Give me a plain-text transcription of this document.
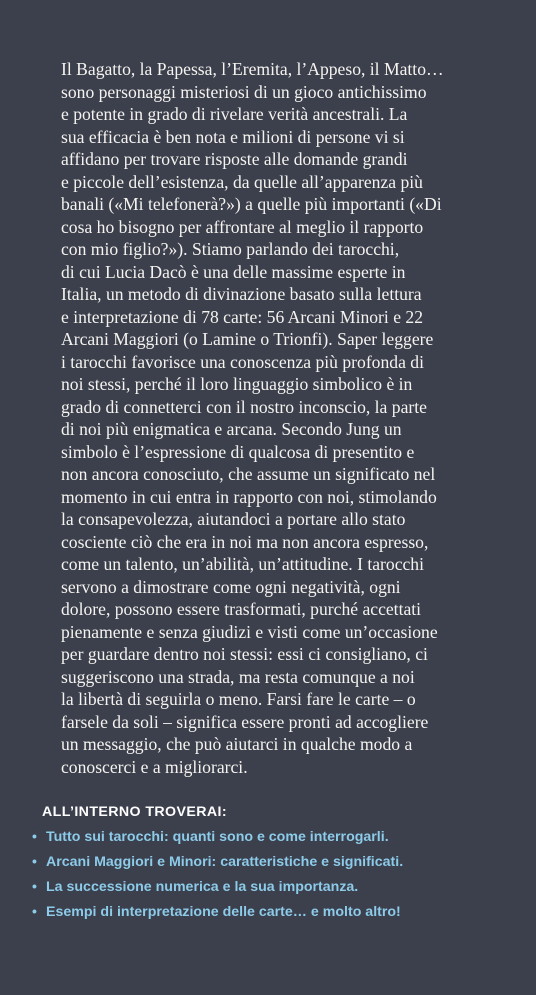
Il Bagatto, la Papessa, l’Eremita, l’Appeso, il Matto…
sono personaggi misteriosi di un gioco antichissimo
e potente in grado di rivelare verità ancestrali. La
sua efficacia è ben nota e milioni di persone vi si
affidano per trovare risposte alle domande grandi
e piccole dell’esistenza, da quelle all’apparenza più
banali («Mi telefonerà?») a quelle più importanti («Di
cosa ho bisogno per affrontare al meglio il rapporto
con mio figlio?»). Stiamo parlando dei tarocchi,
di cui Lucia Dacò è una delle massime esperte in
Italia, un metodo di divinazione basato sulla lettura
e interpretazione di 78 carte: 56 Arcani Minori e 22
Arcani Maggiori (o Lamine o Trionfi). Saper leggere
i tarocchi favorisce una conoscenza più profonda di
noi stessi, perché il loro linguaggio simbolico è in
grado di connetterci con il nostro inconscio, la parte
di noi più enigmatica e arcana. Secondo Jung un
simbolo è l’espressione di qualcosa di presentito e
non ancora conosciuto, che assume un significato nel
momento in cui entra in rapporto con noi, stimolando
la consapevolezza, aiutandoci a portare allo stato
cosciente ciò che era in noi ma non ancora espresso,
come un talento, un’abilità, un’attitudine. I tarocchi
servono a dimostrare come ogni negatività, ogni
dolore, possono essere trasformati, purché accettati
pienamente e senza giudizi e visti come un’occasione
per guardare dentro noi stessi: essi ci consigliano, ci
suggeriscono una strada, ma resta comunque a noi
la libertà di seguirla o meno. Farsi fare le carte – o
farsele da soli – significa essere pronti ad accogliere
un messaggio, che può aiutarci in qualche modo a
conoscerci e a migliorarci.
ALL’INTERNO TROVERAI:
• Tutto sui tarocchi: quanti sono e come interrogarli.
• Arcani Maggiori e Minori: caratteristiche e significati.
• La successione numerica e la sua importanza.
• Esempi di interpretazione delle carte… e molto altro!
